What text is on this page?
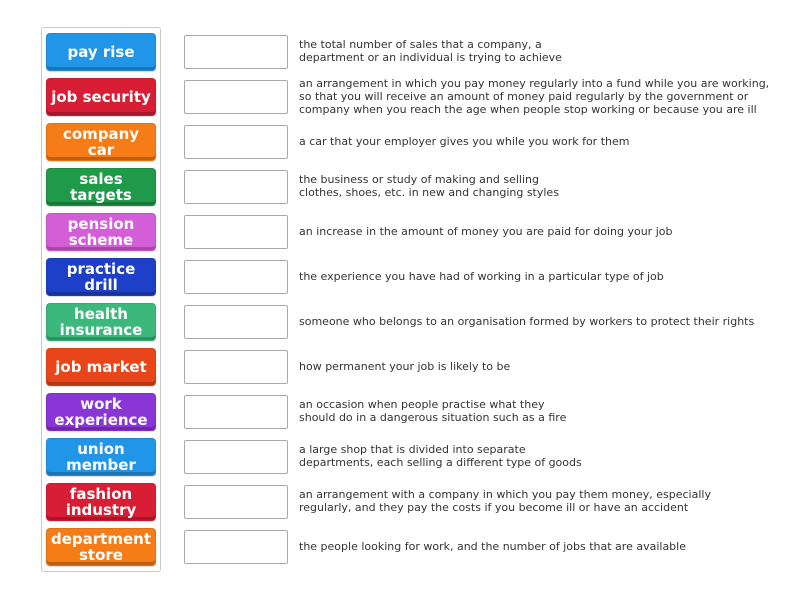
pay rise
job security
company car
sales targets
pension scheme
practice drill
health insurance
job market
work experience
union member
fashion industry
department store
the total number of sales that a company, a
department or an individual is trying to achieve
an arrangement in which you pay money regularly into a fund while you are working,
so that you will receive an amount of money paid regularly by the government or
company when you reach the age when people stop working or because you are ill
a car that your employer gives you while you work for them
the business or study of making and selling
clothes, shoes, etc. in new and changing styles
an increase in the amount of money you are paid for doing your job
the experience you have had of working in a particular type of job
someone who belongs to an organisation formed by workers to protect their rights
how permanent your job is likely to be
an occasion when people practise what they
should do in a dangerous situation such as a fire
a large shop that is divided into separate
departments, each selling a different type of goods
an arrangement with a company in which you pay them money, especially
regularly, and they pay the costs if you become ill or have an accident
the people looking for work, and the number of jobs that are available
